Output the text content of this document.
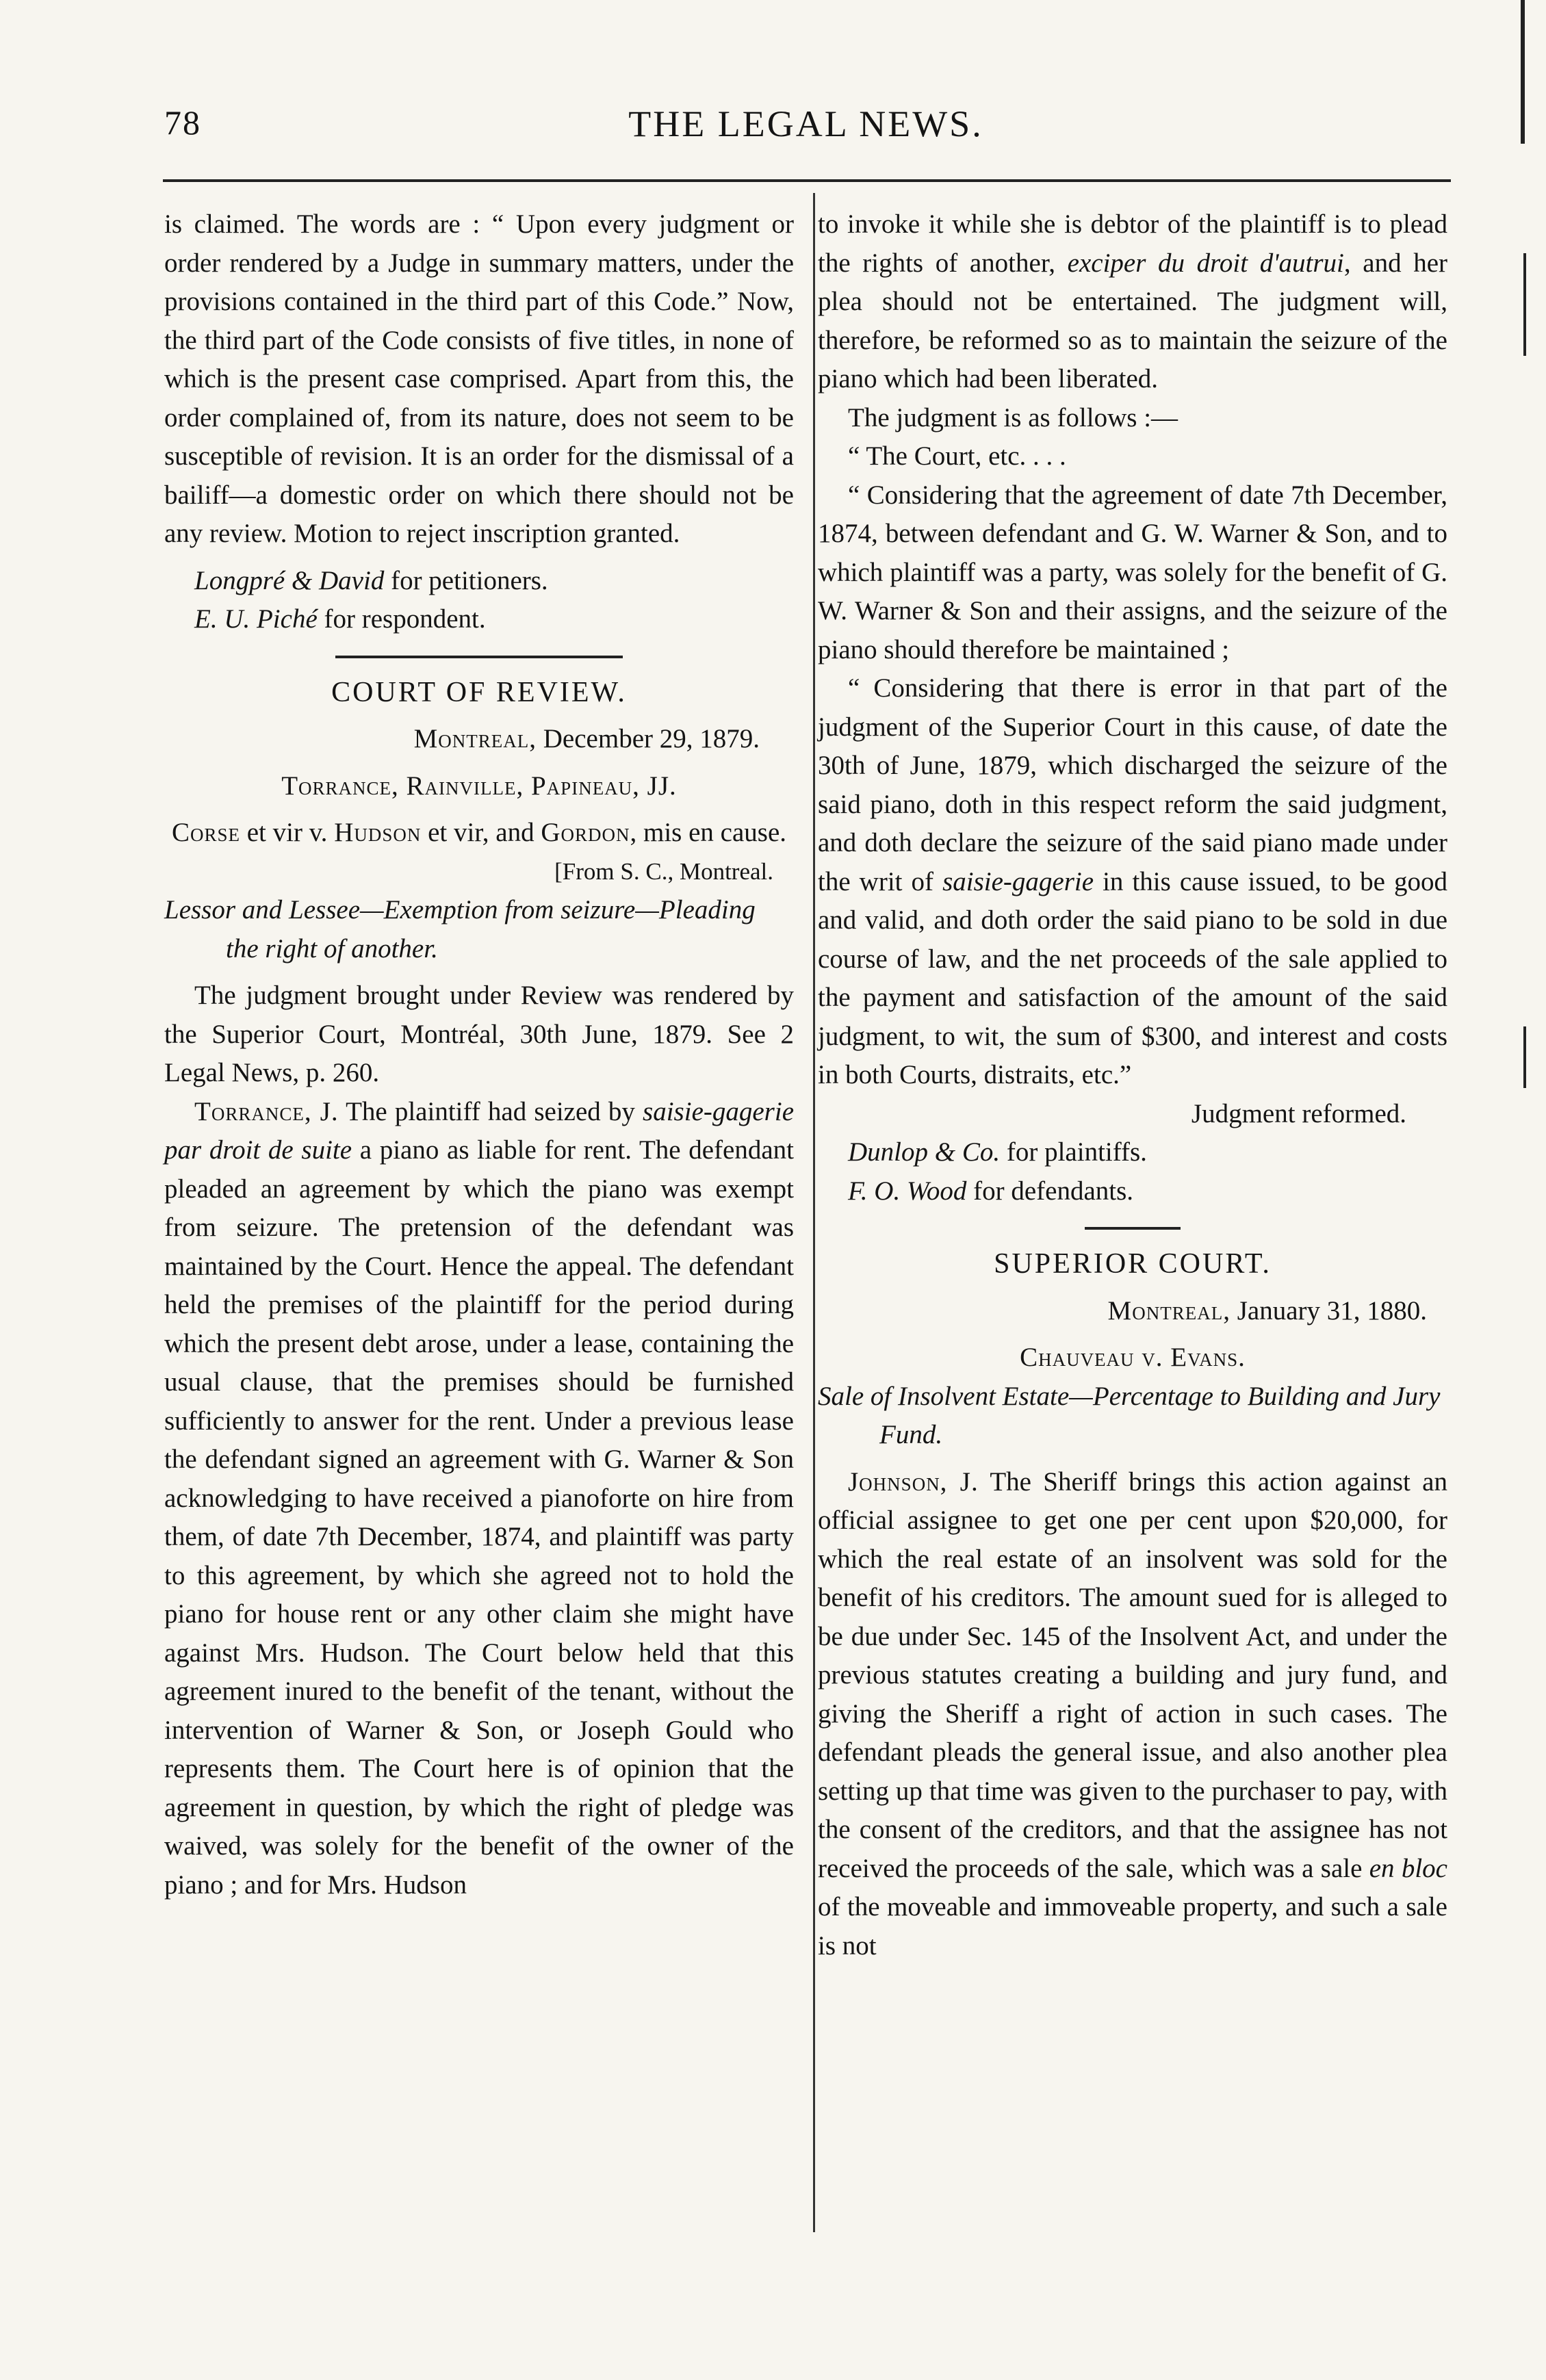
78	THE LEGAL NEWS.

is claimed. The words are : “ Upon every judgment or order rendered by a Judge in summary matters, under the provisions contained in the third part of this Code.” Now, the third part of the Code consists of five titles, in none of which is the present case comprised. Apart from this, the order complained of, from its nature, does not seem to be susceptible of revision. It is an order for the dismissal of a bailiff—a domestic order on which there should not be any review. Motion to reject inscription granted.

Longpré & David for petitioners.

E. U. Piché for respondent.

COURT OF REVIEW.

Montreal, December 29, 1879.

Torrance, Rainville, Papineau, JJ.

Corse et vir v. Hudson et vir, and Gordon, mis en cause.

[From S. C., Montreal.

Lessor and Lessee—Exemption from seizure—Pleading the right of another.

The judgment brought under Review was rendered by the Superior Court, Montréal, 30th June, 1879. See 2 Legal News, p. 260.

Torrance, J. The plaintiff had seized by saisie-gagerie par droit de suite a piano as liable for rent. The defendant pleaded an agreement by which the piano was exempt from seizure. The pretension of the defendant was maintained by the Court. Hence the appeal. The defendant held the premises of the plaintiff for the period during which the present debt arose, under a lease, containing the usual clause, that the premises should be furnished sufficiently to answer for the rent. Under a previous lease the defendant signed an agreement with G. Warner & Son acknowledging to have received a pianoforte on hire from them, of date 7th December, 1874, and plaintiff was party to this agreement, by which she agreed not to hold the piano for house rent or any other claim she might have against Mrs. Hudson. The Court below held that this agreement inured to the benefit of the tenant, without the intervention of Warner & Son, or Joseph Gould who represents them. The Court here is of opinion that the agreement in question, by which the right of pledge was waived, was solely for the benefit of the owner of the piano ; and for Mrs. Hudson

to invoke it while she is debtor of the plaintiff is to plead the rights of another, exciper du droit d'autrui, and her plea should not be entertained. The judgment will, therefore, be reformed so as to maintain the seizure of the piano which had been liberated.

The judgment is as follows :—

“ The Court, etc. . . .

“ Considering that the agreement of date 7th December, 1874, between defendant and G. W. Warner & Son, and to which plaintiff was a party, was solely for the benefit of G. W. Warner & Son and their assigns, and the seizure of the piano should therefore be maintained ;

“ Considering that there is error in that part of the judgment of the Superior Court in this cause, of date the 30th of June, 1879, which discharged the seizure of the said piano, doth in this respect reform the said judgment, and doth declare the seizure of the said piano made under the writ of saisie-gagerie in this cause issued, to be good and valid, and doth order the said piano to be sold in due course of law, and the net proceeds of the sale applied to the payment and satisfaction of the amount of the said judgment, to wit, the sum of $300, and interest and costs in both Courts, distraits, etc.”

Judgment reformed.

Dunlop & Co. for plaintiffs.

F. O. Wood for defendants.

SUPERIOR COURT.

Montreal, January 31, 1880.

Chauveau v. Evans.

Sale of Insolvent Estate—Percentage to Building and Jury Fund.

Johnson, J. The Sheriff brings this action against an official assignee to get one per cent upon $20,000, for which the real estate of an insolvent was sold for the benefit of his creditors. The amount sued for is alleged to be due under Sec. 145 of the Insolvent Act, and under the previous statutes creating a building and jury fund, and giving the Sheriff a right of action in such cases. The defendant pleads the general issue, and also another plea setting up that time was given to the purchaser to pay, with the consent of the creditors, and that the assignee has not received the proceeds of the sale, which was a sale en bloc of the moveable and immoveable property, and such a sale is not
